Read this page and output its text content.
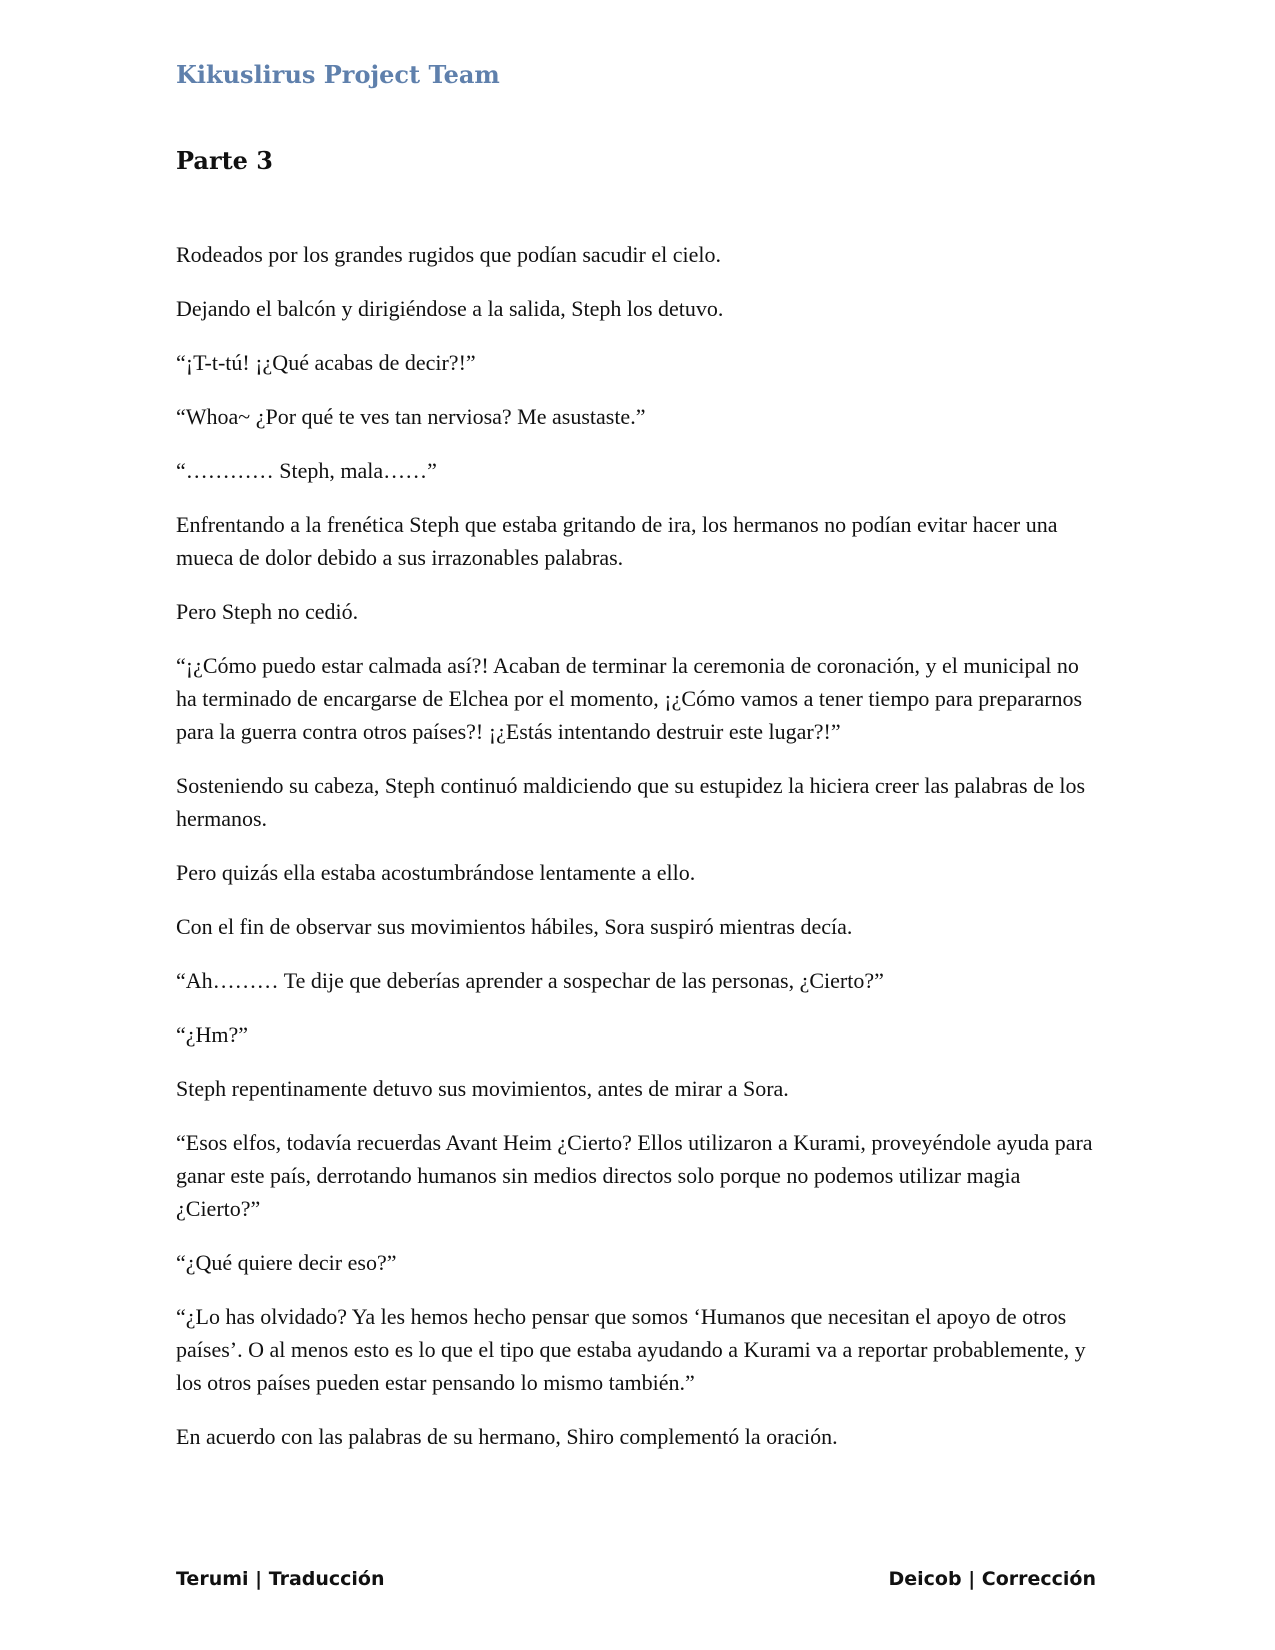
Kikuslirus Project Team
Parte 3

Rodeados por los grandes rugidos que podían sacudir el cielo.

Dejando el balcón y dirigiéndose a la salida, Steph los detuvo.

“¡T-t-tú! ¡¿Qué acabas de decir?!”

“Whoa~ ¿Por qué te ves tan nerviosa? Me asustaste.”

“………… Steph, mala……”

Enfrentando a la frenética Steph que estaba gritando de ira, los hermanos no podían evitar hacer una mueca de dolor debido a sus irrazonables palabras.

Pero Steph no cedió.

“¡¿Cómo puedo estar calmada así?! Acaban de terminar la ceremonia de coronación, y el municipal no ha terminado de encargarse de Elchea por el momento, ¡¿Cómo vamos a tener tiempo para prepararnos para la guerra contra otros países?! ¡¿Estás intentando destruir este lugar?!”

Sosteniendo su cabeza, Steph continuó maldiciendo que su estupidez la hiciera creer las palabras de los hermanos.

Pero quizás ella estaba acostumbrándose lentamente a ello.

Con el fin de observar sus movimientos hábiles, Sora suspiró mientras decía.

“Ah……… Te dije que deberías aprender a sospechar de las personas, ¿Cierto?”

“¿Hm?”

Steph repentinamente detuvo sus movimientos, antes de mirar a Sora.

“Esos elfos, todavía recuerdas Avant Heim ¿Cierto? Ellos utilizaron a Kurami, proveyéndole ayuda para ganar este país, derrotando humanos sin medios directos solo porque no podemos utilizar magia ¿Cierto?”

“¿Qué quiere decir eso?”

“¿Lo has olvidado? Ya les hemos hecho pensar que somos ‘Humanos que necesitan el apoyo de otros países’. O al menos esto es lo que el tipo que estaba ayudando a Kurami va a reportar probablemente, y los otros países pueden estar pensando lo mismo también.”

En acuerdo con las palabras de su hermano, Shiro complementó la oración.

Terumi | Traducción	Deicob | Corrección
